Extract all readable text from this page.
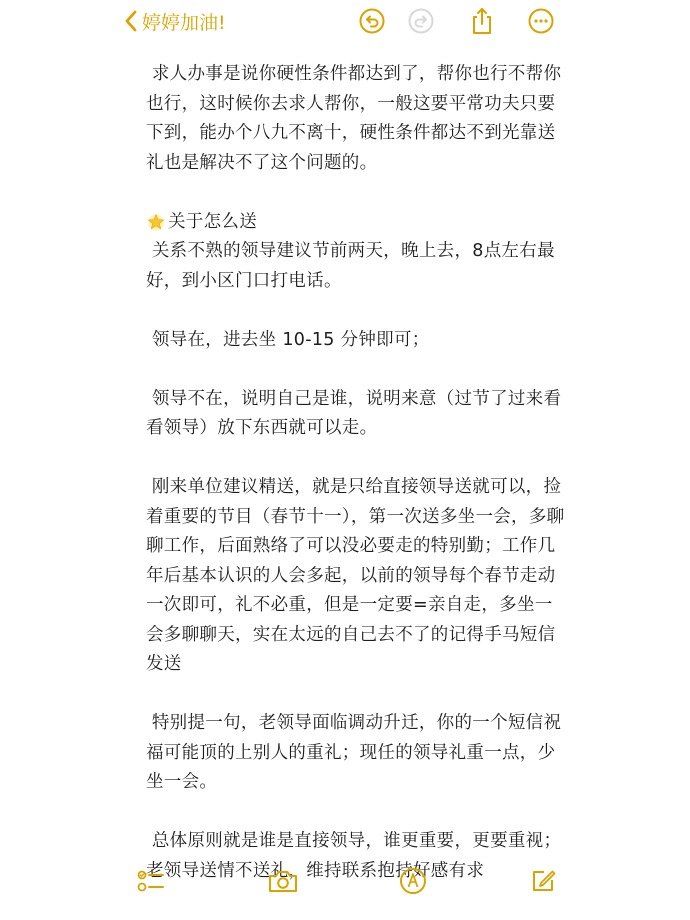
婷婷加油!

求人办事是说你硬性条件都达到了，帮你也行不帮你也行，这时候你去求人帮你，一般这要平常功夫只要下到，能办个八九不离十，硬性条件都达不到光靠送礼也是解决不了这个问题的。

关于怎么送

关系不熟的领导建议节前两天，晚上去，8点左右最好，到小区门口打电话。

领导在，进去坐 10-15 分钟即可；

领导不在，说明自己是谁，说明来意（过节了过来看看领导）放下东西就可以走。

刚来单位建议精送，就是只给直接领导送就可以，捡着重要的节目（春节十一），第一次送多坐一会，多聊聊工作，后面熟络了可以没必要走的特别勤；工作几年后基本认识的人会多起，以前的领导每个春节走动一次即可，礼不必重，但是一定要=亲自走，多坐一会多聊聊天，实在太远的自己去不了的记得手马短信发送

特别提一句，老领导面临调动升迁，你的一个短信祝福可能顶的上别人的重礼；现任的领导礼重一点，少坐一会。

总体原则就是谁是直接领导，谁更重要，更要重视；老领导送情不送礼，维持联系抱持好感有求
